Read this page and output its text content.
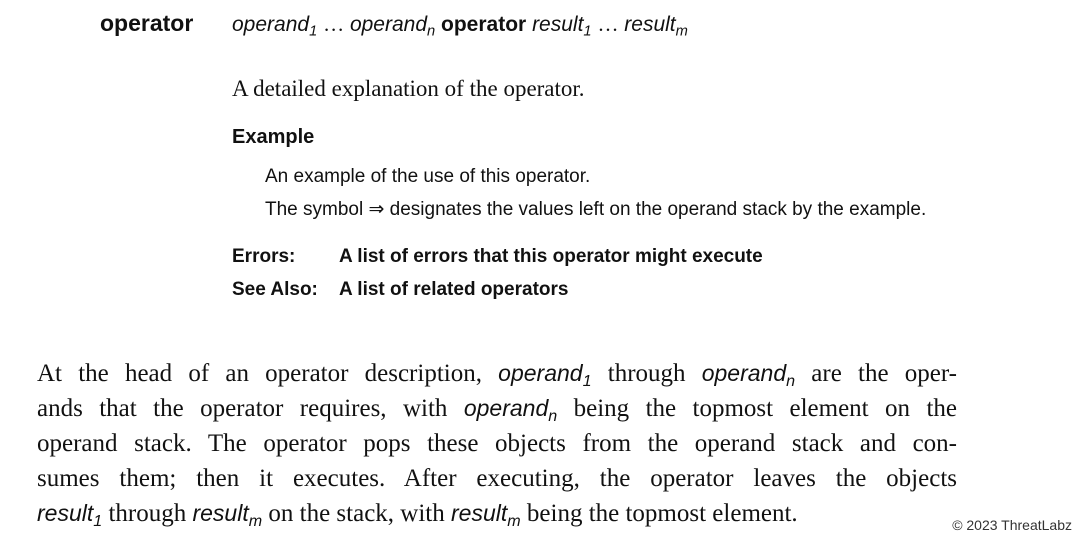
operator operand$_1$ … operand$_n$ operator result$_1$ … result$_m$
A detailed explanation of the operator.
Example
An example of the use of this operator.
The symbol ⇒ designates the values left on the operand stack by the example.
Errors: A list of errors that this operator might execute
See Also: A list of related operators
At the head of an operator description, operand$_1$ through operand$_n$ are the oper-
ands that the operator requires, with operand$_n$ being the topmost element on the
operand stack. The operator pops these objects from the operand stack and con-
sumes them; then it executes. After executing, the operator leaves the objects
result$_1$ through result$_m$ on the stack, with result$_m$ being the topmost element.	© 2023 ThreatLabz
